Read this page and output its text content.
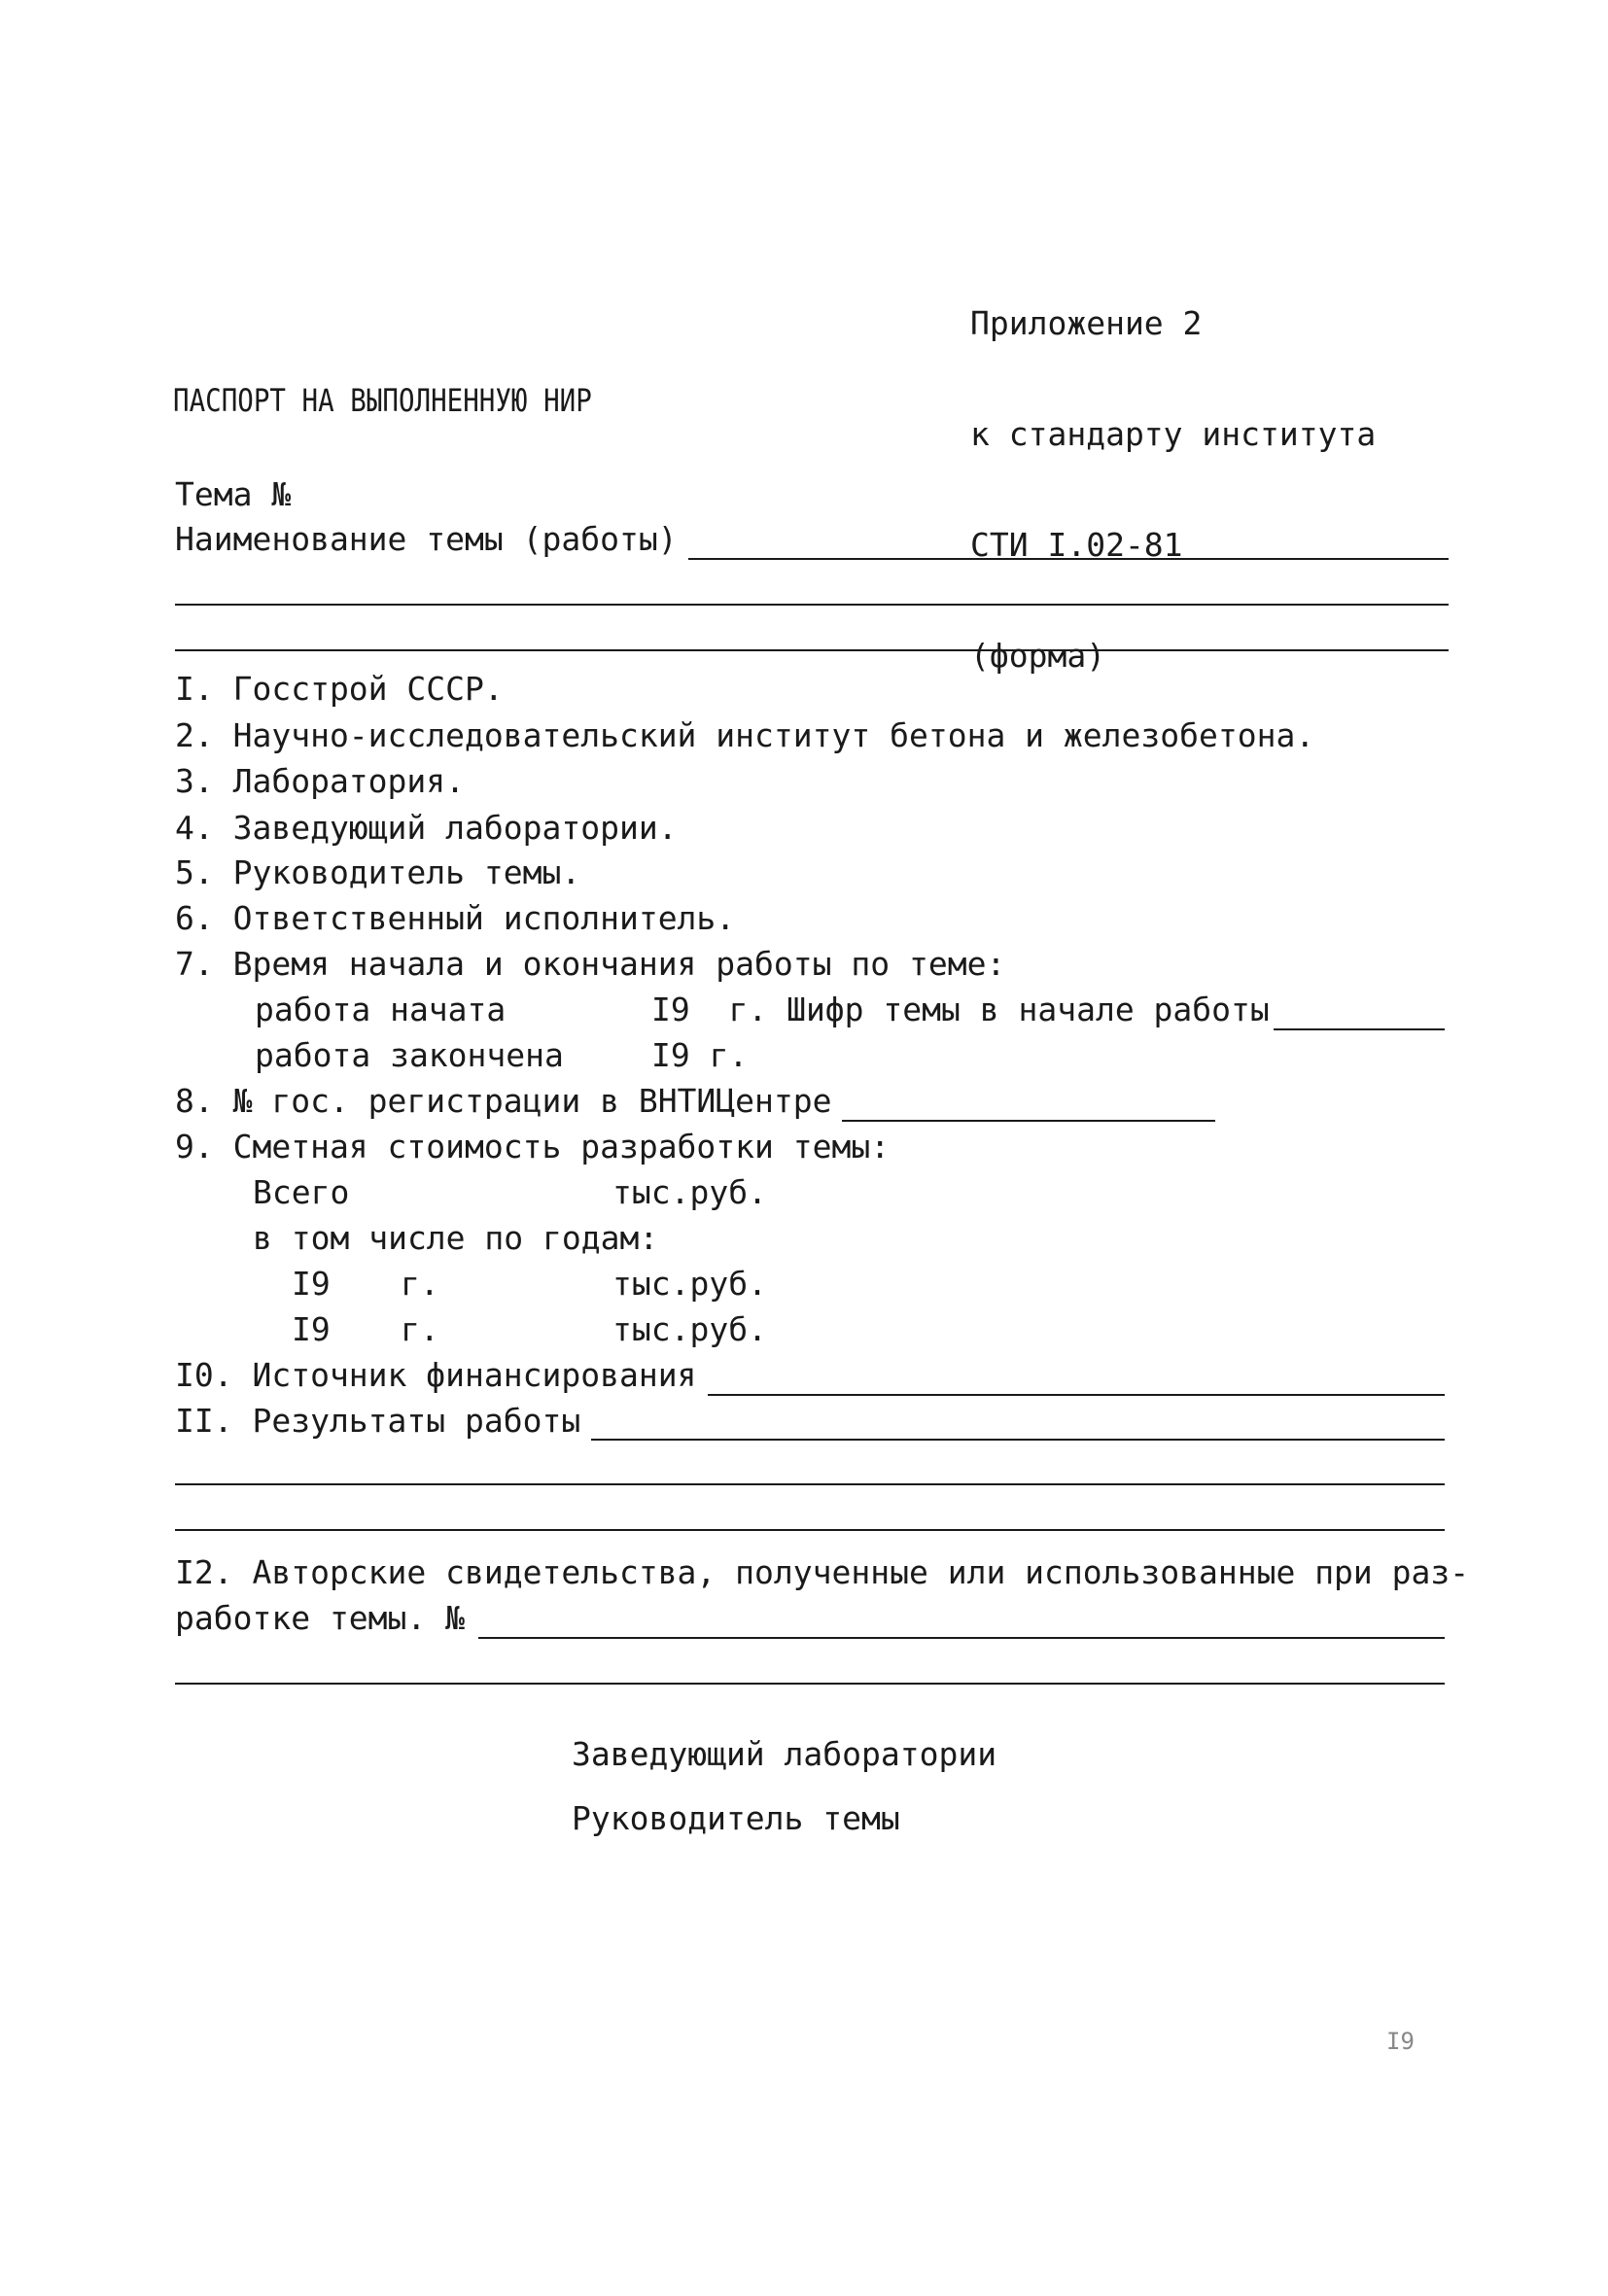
Приложение 2

к стандарту института

СТИ I.02-81

(форма)

ПАСПОРТ НА ВЫПОЛНЕННУЮ НИР
Тема №
Наименование темы (работы)
I. Госстрой СССР.
2. Научно-исследовательский институт бетона и железобетона.
3. Лаборатория.
4. Заведующий лаборатории.
5. Руководитель темы.
6. Ответственный исполнитель.
7. Время начала и окончания работы по теме:
работа начата	I9  г. Шифр темы в начале работы
работа закончена	I9 г.
8. № гос. регистрации в ВНТИЦентре
9. Сметная стоимость разработки темы:
Всего	тыс.руб.
в том числе по годам:
I9 г.	тыс.руб.
I9 г.	тыс.руб.
I0. Источник финансирования
II. Результаты работы
I2. Авторские свидетельства, полученные или использованные при раз-
работке темы. №
Заведующий лаборатории
Руководитель темы
I9
